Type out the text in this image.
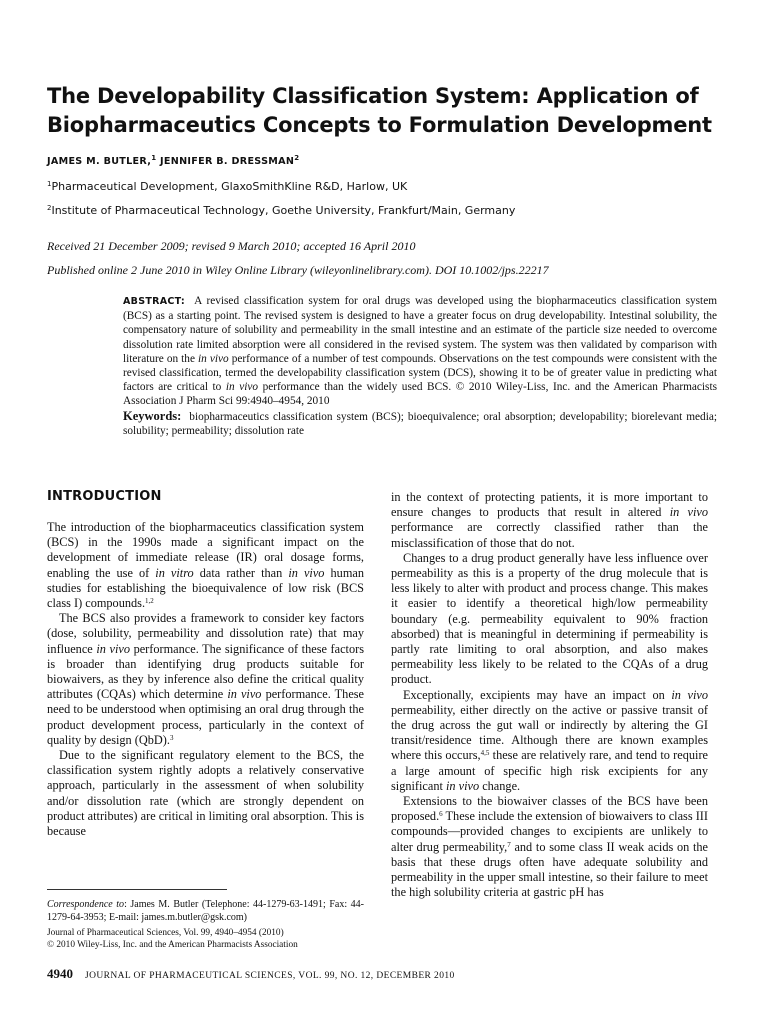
The Developability Classification System: Application of Biopharmaceutics Concepts to Formulation Development
JAMES M. BUTLER,$^1$ JENNIFER B. DRESSMAN$^2$
$^1$Pharmaceutical Development, GlaxoSmithKline R&D, Harlow, UK
$^2$Institute of Pharmaceutical Technology, Goethe University, Frankfurt/Main, Germany
Received 21 December 2009; revised 9 March 2010; accepted 16 April 2010
Published online 2 June 2010 in Wiley Online Library (wileyonlinelibrary.com). DOI 10.1002/jps.22217
ABSTRACT: A revised classification system for oral drugs was developed using the biopharmaceutics classification system (BCS) as a starting point. The revised system is designed to have a greater focus on drug developability. Intestinal solubility, the compensatory nature of solubility and permeability in the small intestine and an estimate of the particle size needed to overcome dissolution rate limited absorption were all considered in the revised system. The system was then validated by comparison with literature on the in vivo performance of a number of test compounds. Observations on the test compounds were consistent with the revised classification, termed the developability classification system (DCS), showing it to be of greater value in predicting what factors are critical to in vivo performance than the widely used BCS. © 2010 Wiley-Liss, Inc. and the American Pharmacists Association J Pharm Sci 99:4940–4954, 2010
Keywords: biopharmaceutics classification system (BCS); bioequivalence; oral absorption; developability; biorelevant media; solubility; permeability; dissolution rate
INTRODUCTION

The introduction of the biopharmaceutics classification system (BCS) in the 1990s made a significant impact on the development of immediate release (IR) oral dosage forms, enabling the use of in vitro data rather than in vivo human studies for establishing the bioequivalence of low risk (BCS class I) compounds.$^{1,2}$

The BCS also provides a framework to consider key factors (dose, solubility, permeability and dissolution rate) that may influence in vivo performance. The significance of these factors is broader than identifying drug products suitable for biowaivers, as they by inference also define the critical quality attributes (CQAs) which determine in vivo performance. These need to be understood when optimising an oral drug through the product development process, particularly in the context of quality by design (QbD).$^3$

Due to the significant regulatory element to the BCS, the classification system rightly adopts a relatively conservative approach, particularly in the assessment of when solubility and/or dissolution rate (which are strongly dependent on product attributes) are critical in limiting oral absorption. This is because

in the context of protecting patients, it is more important to ensure changes to products that result in altered in vivo performance are correctly classified rather than the misclassification of those that do not.

Changes to a drug product generally have less influence over permeability as this is a property of the drug molecule that is less likely to alter with product and process change. This makes it easier to identify a theoretical high/low permeability boundary (e.g. permeability equivalent to 90% fraction absorbed) that is meaningful in determining if permeability is partly rate limiting to oral absorption, and also makes permeability less likely to be related to the CQAs of a drug product.

Exceptionally, excipients may have an impact on in vivo permeability, either directly on the active or passive transit of the drug across the gut wall or indirectly by altering the GI transit/residence time. Although there are known examples where this occurs,$^{4,5}$ these are relatively rare, and tend to require a large amount of specific high risk excipients for any significant in vivo change.

Extensions to the biowaiver classes of the BCS have been proposed.$^6$ These include the extension of biowaivers to class III compounds—provided changes to excipients are unlikely to alter drug permeability,$^7$ and to some class II weak acids on the basis that these drugs often have adequate solubility and permeability in the upper small intestine, so their failure to meet the high solubility criteria at gastric pH has

Correspondence to: James M. Butler (Telephone: 44-1279-63-1491; Fax: 44-1279-64-3953; E-mail: james.m.butler@gsk.com)

Journal of Pharmaceutical Sciences, Vol. 99, 4940–4954 (2010)

© 2010 Wiley-Liss, Inc. and the American Pharmacists Association

4940 JOURNAL OF PHARMACEUTICAL SCIENCES, VOL. 99, NO. 12, DECEMBER 2010
